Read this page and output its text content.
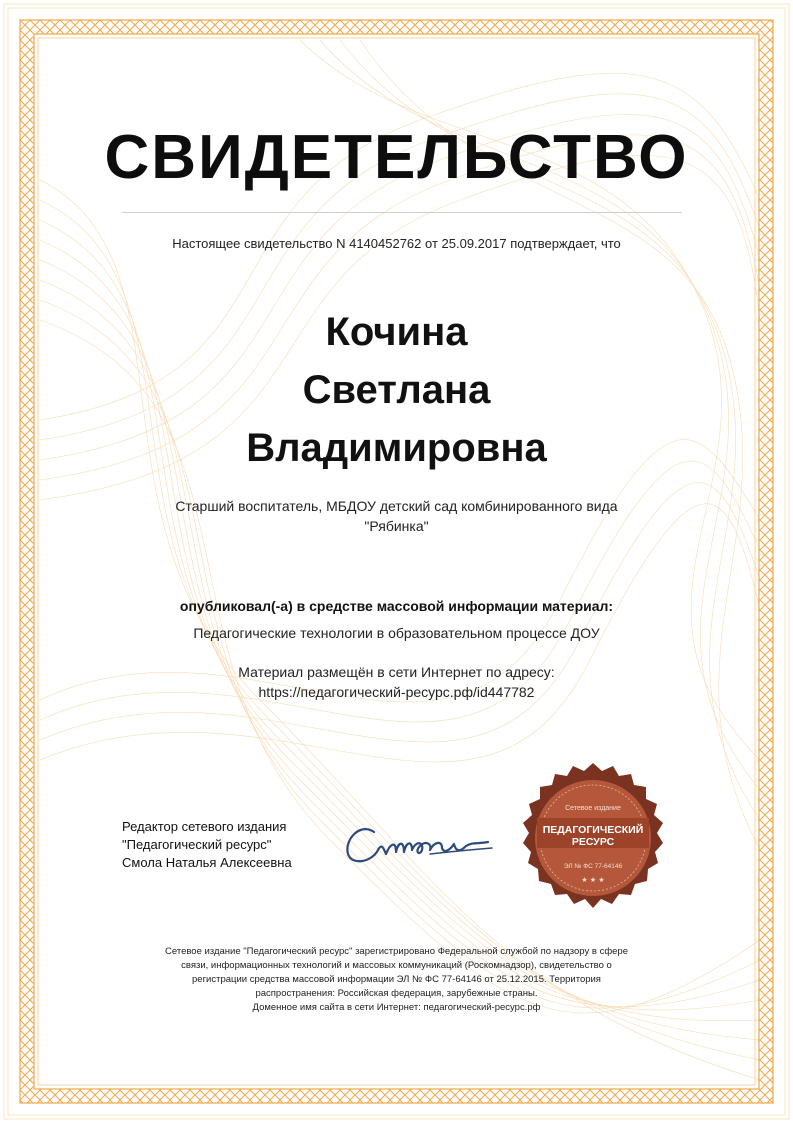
СВИДЕТЕЛЬСТВО
Настоящее свидетельство N 4140452762 от 25.09.2017 подтверждает, что
Кочина
Светлана
Владимировна
Старший воспитатель, МБДОУ детский сад комбинированного вида
"Рябинка"
опубликовал(-а) в средстве массовой информации материал:
Педагогические технологии в образовательном процессе ДОУ
Материал размещён в сети Интернет по адресу:
https://педагогический-ресурс.рф/id447782
Редактор сетевого издания
"Педагогический ресурс"
Смола Наталья Алексеевна
Сетевое издание
ПЕДАГОГИЧЕСКИЙ
РЕСУРС
ЭЛ № ФС 77-64146
★ ★ ★
Сетевое издание "Педагогический ресурс" зарегистрировано Федеральной службой по надзору в сфере
связи, информационных технологий и массовых коммуникаций (Роскомнадзор), свидетельство о
регистрации средства массовой информации ЭЛ № ФС 77-64146 от 25.12.2015. Территория
распространения: Российская федерация, зарубежные страны.
Доменное имя сайта в сети Интернет: педагогический-ресурс.рф
